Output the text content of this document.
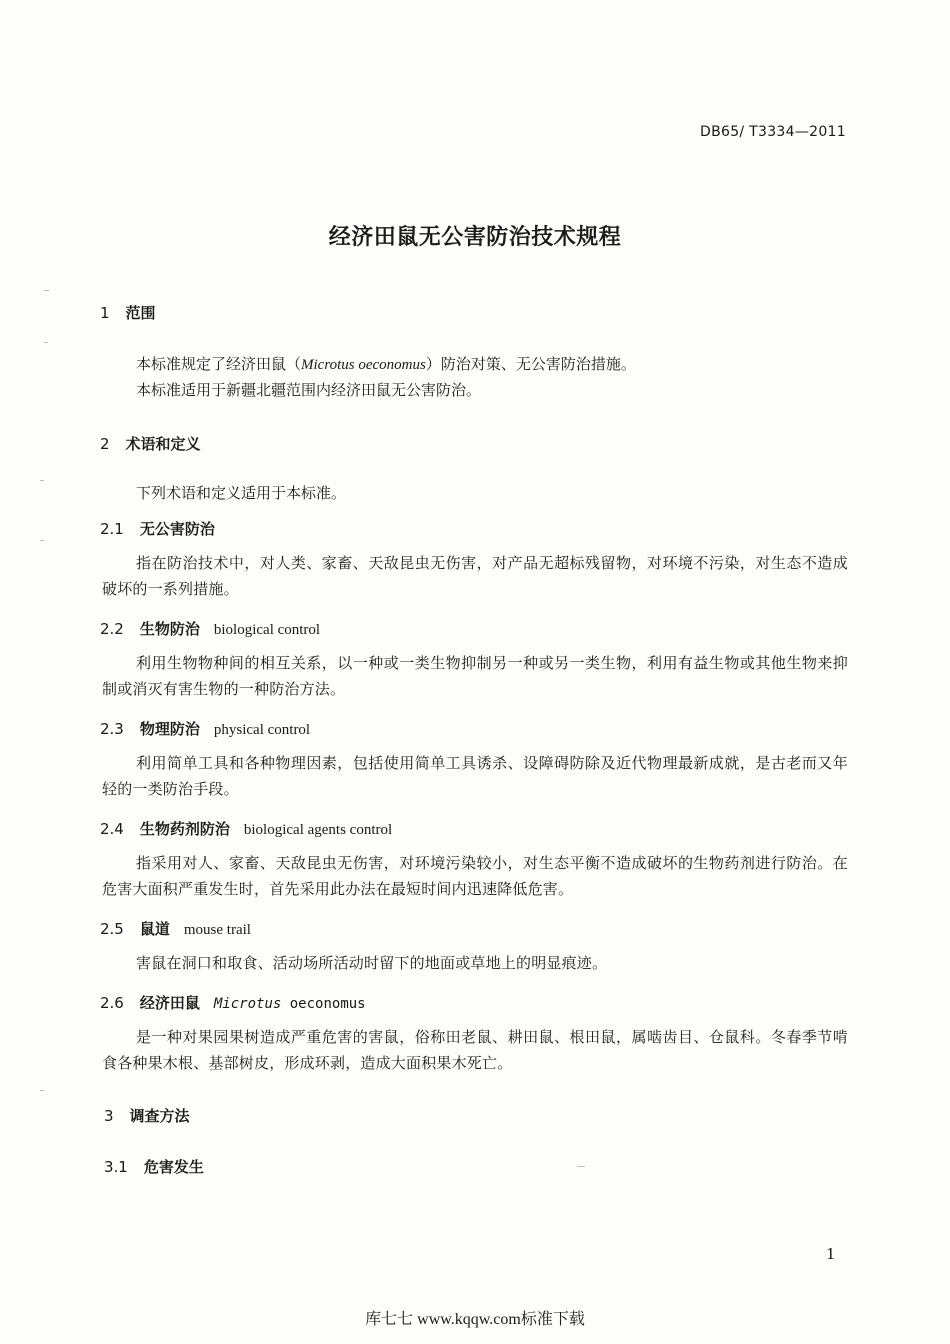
DB65/ T3334—2011
经济田鼠无公害防治技术规程
1 范围
本标准规定了经济田鼠（Microtus oeconomus）防治对策、无公害防治措施。
本标准适用于新疆北疆范围内经济田鼠无公害防治。
2 术语和定义
下列术语和定义适用于本标准。
2.1 无公害防治
指在防治技术中，对人类、家畜、天敌昆虫无伤害，对产品无超标残留物，对环境不污染，对生态不造成破坏的一系列措施。
2.2 生物防治 biological control
利用生物物种间的相互关系，以一种或一类生物抑制另一种或另一类生物，利用有益生物或其他生物来抑制或消灭有害生物的一种防治方法。
2.3 物理防治 physical control
利用简单工具和各种物理因素，包括使用简单工具诱杀、设障碍防除及近代物理最新成就，是古老而又年轻的一类防治手段。
2.4 生物药剂防治 biological agents control
指采用对人、家畜、天敌昆虫无伤害，对环境污染较小，对生态平衡不造成破坏的生物药剂进行防治。在危害大面积严重发生时，首先采用此办法在最短时间内迅速降低危害。
2.5 鼠道 mouse trail
害鼠在洞口和取食、活动场所活动时留下的地面或草地上的明显痕迹。
2.6 经济田鼠 Microtus oeconomus
是一种对果园果树造成严重危害的害鼠，俗称田老鼠、耕田鼠、根田鼠，属啮齿目、仓鼠科。冬春季节啃食各种果木根、基部树皮，形成环剥，造成大面积果木死亡。
3 调查方法
3.1 危害发生
1
库七七 www.kqqw.com标准下载
